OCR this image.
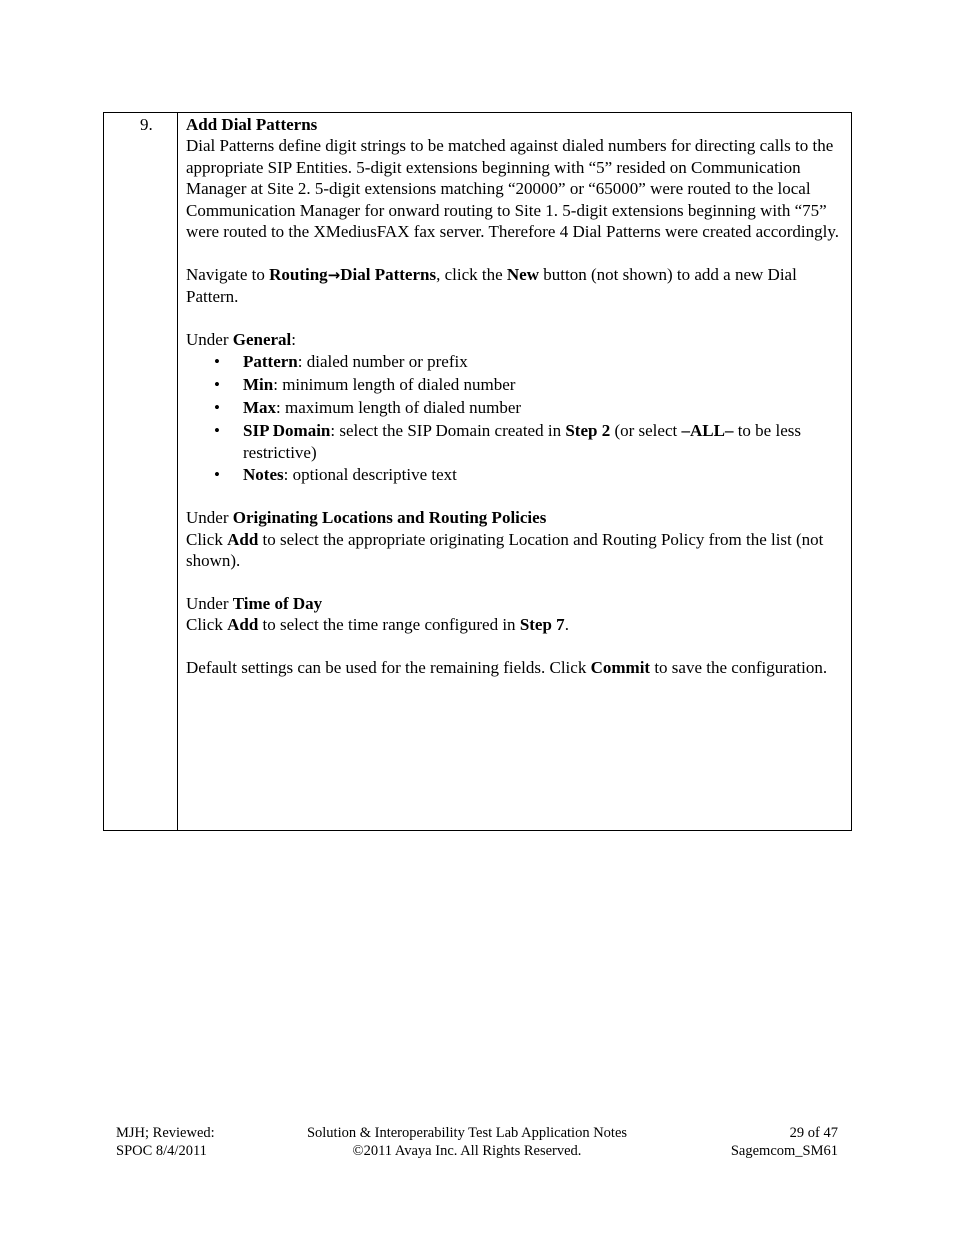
9. Add Dial Patterns

Dial Patterns define digit strings to be matched against dialed numbers for directing calls to the appropriate SIP Entities. 5-digit extensions beginning with “5” resided on Communication Manager at Site 2. 5-digit extensions matching “20000” or “65000” were routed to the local Communication Manager for onward routing to Site 1. 5-digit extensions beginning with “75” were routed to the XMediusFAX fax server. Therefore 4 Dial Patterns were created accordingly.

Navigate to Routing→Dial Patterns, click the New button (not shown) to add a new Dial Pattern.

Under General:

• Pattern: dialed number or prefix
• Min: minimum length of dialed number
• Max: maximum length of dialed number
• SIP Domain: select the SIP Domain created in Step 2 (or select –ALL– to be less restrictive)
• Notes: optional descriptive text

Under Originating Locations and Routing Policies

Click Add to select the appropriate originating Location and Routing Policy from the list (not shown).

Under Time of Day

Click Add to select the time range configured in Step 7.

Default settings can be used for the remaining fields. Click Commit to save the configuration.

MJH; Reviewed:
SPOC 8/4/2011
Solution & Interoperability Test Lab Application Notes
©2011 Avaya Inc. All Rights Reserved.
29 of 47
Sagemcom_SM61
